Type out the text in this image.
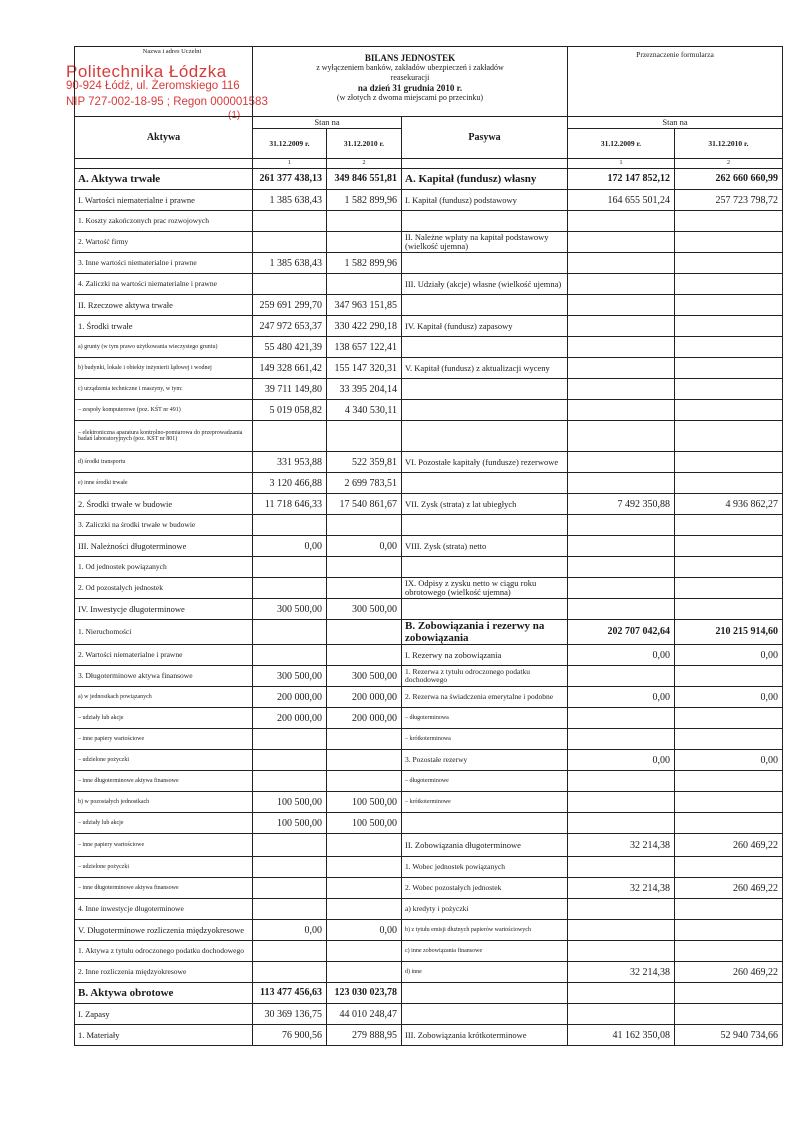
Nazwa i adres Uczelni
Politechnika Łódzka
90-924 Łódź, ul. Żeromskiego 116
NIP 727-002-18-95 ; Regon 000001583
(1)

	BILANS JEDNOSTEK
z wyłączeniem banków, zakładów ubezpieczeń i zakładów
reasekuracji
na dzień 31 grudnia 2010 r.
(w złotych z dwoma miejscami po przecinku)			Przeznaczenie formularza	
Aktywa	Stan na		Pasywa	Stan na	
	31.12.2009 r.	31.12.2010 r.		31.12.2009 r.	31.12.2010 r.
	1	2		1	2
A. Aktywa trwałe	261 377 438,13	349 846 551,81	A. Kapitał (fundusz) własny	172 147 852,12	262 660 660,99
I. Wartości niematerialne i prawne	1 385 638,43	1 582 899,96	I. Kapitał (fundusz) podstawowy	164 655 501,24	257 723 798,72
1. Koszty zakończonych prac rozwojowych					
2. Wartość firmy			II. Należne wpłaty na kapitał podstawowy (wielkość ujemna)		
3. Inne wartości niematerialne i prawne	1 385 638,43	1 582 899,96			
4. Zaliczki na wartości niematerialne i prawne			III. Udziały (akcje) własne (wielkość ujemna)		
II. Rzeczowe aktywa trwałe	259 691 299,70	347 963 151,85			
1. Środki trwałe	247 972 653,37	330 422 290,18	IV. Kapitał (fundusz) zapasowy		
a) grunty (w tym prawo użytkowania wieczystego gruntu)	55 480 421,39	138 657 122,41			
b) budynki, lokale i obiekty inżynierii lądowej i wodnej	149 328 661,42	155 147 320,31	V. Kapitał (fundusz) z aktualizacji wyceny		
c) urządzenia techniczne i maszyny, w tym:	39 711 149,80	33 395 204,14			
– zespoły komputerowe (poz. KŚT nr 491)	5 019 058,82	4 340 530,11			
– elektroniczna aparatura kontrolno-pomiarowa do przeprowadzania badań laboratoryjnych (poz. KŚT nr 801)					
d) środki transportu	331 953,88	522 359,81	VI. Pozostałe kapitały (fundusze) rezerwowe		
e) inne środki trwałe	3 120 466,88	2 699 783,51			
2. Środki trwałe w budowie	11 718 646,33	17 540 861,67	VII. Zysk (strata) z lat ubiegłych	7 492 350,88	4 936 862,27
3. Zaliczki na środki trwałe w budowie					
III. Należności długoterminowe	0,00	0,00	VIII. Zysk (strata) netto		
1. Od jednostek powiązanych					
2. Od pozostałych jednostek			IX. Odpisy z zysku netto w ciągu roku obrotowego (wielkość ujemna)		
IV. Inwestycje długoterminowe	300 500,00	300 500,00			
1. Nieruchomości			B. Zobowiązania i rezerwy na zobowiązania	202 707 042,64	210 215 914,60
2. Wartości niematerialne i prawne			I. Rezerwy na zobowiązania	0,00	0,00
3. Długoterminowe aktywa finansowe	300 500,00	300 500,00	1. Rezerwa z tytułu odroczonego podatku dochodowego		
a) w jednostkach powiązanych	200 000,00	200 000,00	2. Rezerwa na świadczenia emerytalne i podobne	0,00	0,00
– udziały lub akcje	200 000,00	200 000,00	– długoterminowa		
– inne papiery wartościowe			– krótkoterminowa		
– udzielone pożyczki			3. Pozostałe rezerwy	0,00	0,00
– inne długoterminowe aktywa finansowe			– długoterminowe		
b) w pozostałych jednostkach	100 500,00	100 500,00	– krótkoterminowe		
– udziały lub akcje	100 500,00	100 500,00			
– inne papiery wartościowe			II. Zobowiązania długoterminowe	32 214,38	260 469,22
– udzielone pożyczki			1. Wobec jednostek powiązanych		
– inne długoterminowe aktywa finansowe			2. Wobec pozostałych jednostek	32 214,38	260 469,22
4. Inne inwestycje długoterminowe			a) kredyty i pożyczki		
V. Długoterminowe rozliczenia międzyokresowe	0,00	0,00	b) z tytułu emisji dłużnych papierów wartościowych		
1. Aktywa z tytułu odroczonego podatku dochodowego			c) inne zobowiązania finansowe		
2. Inne rozliczenia międzyokresowe			d) inne	32 214,38	260 469,22
B. Aktywa obrotowe	113 477 456,63	123 030 023,78			
I. Zapasy	30 369 136,75	44 010 248,47			
1. Materiały	76 900,56	279 888,95	III. Zobowiązania krótkoterminowe	41 162 350,08	52 940 734,66
